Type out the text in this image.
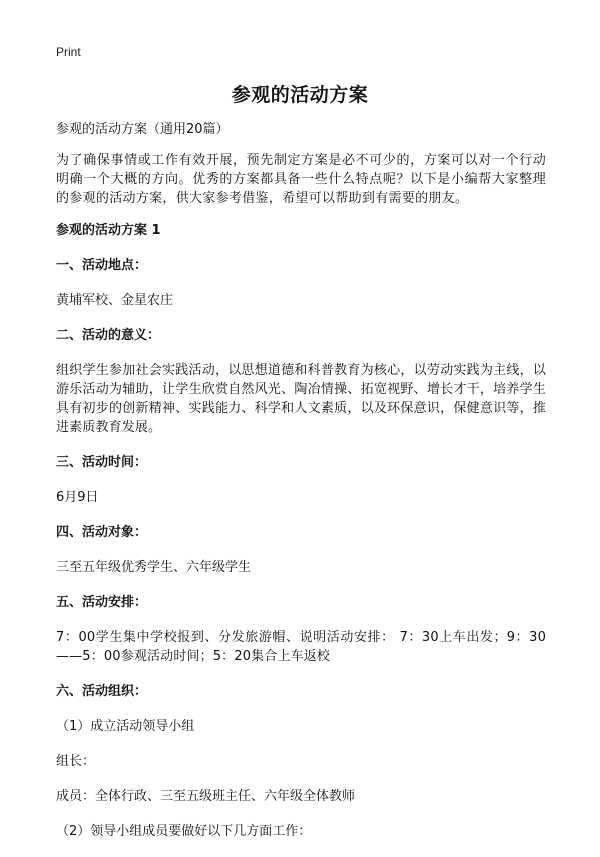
Print
参观的活动方案

参观的活动方案（通用20篇）

为了确保事情或工作有效开展，预先制定方案是必不可少的，方案可以对一个行动明确一个大概的方向。优秀的方案都具备一些什么特点呢？以下是小编帮大家整理的参观的活动方案，供大家参考借鉴，希望可以帮助到有需要的朋友。

参观的活动方案 1

一、活动地点：

黄埔军校、金星农庄

二、活动的意义：

组织学生参加社会实践活动，以思想道德和科普教育为核心，以劳动实践为主线，以游乐活动为辅助，让学生欣赏自然风光、陶冶情操、拓宽视野、增长才干，培养学生具有初步的创新精神、实践能力、科学和人文素质，以及环保意识，保健意识等，推进素质教育发展。

三、活动时间：

6月9日

四、活动对象：

三至五年级优秀学生、六年级学生

五、活动安排：

7：00学生集中学校报到、分发旅游帽、说明活动安排： 7：30上车出发；9：30——5：00参观活动时间；5：20集合上车返校

六、活动组织：

（1）成立活动领导小组

组长：

成员：全体行政、三至五级班主任、六年级全体教师

（2）领导小组成员要做好以下几方面工作：
